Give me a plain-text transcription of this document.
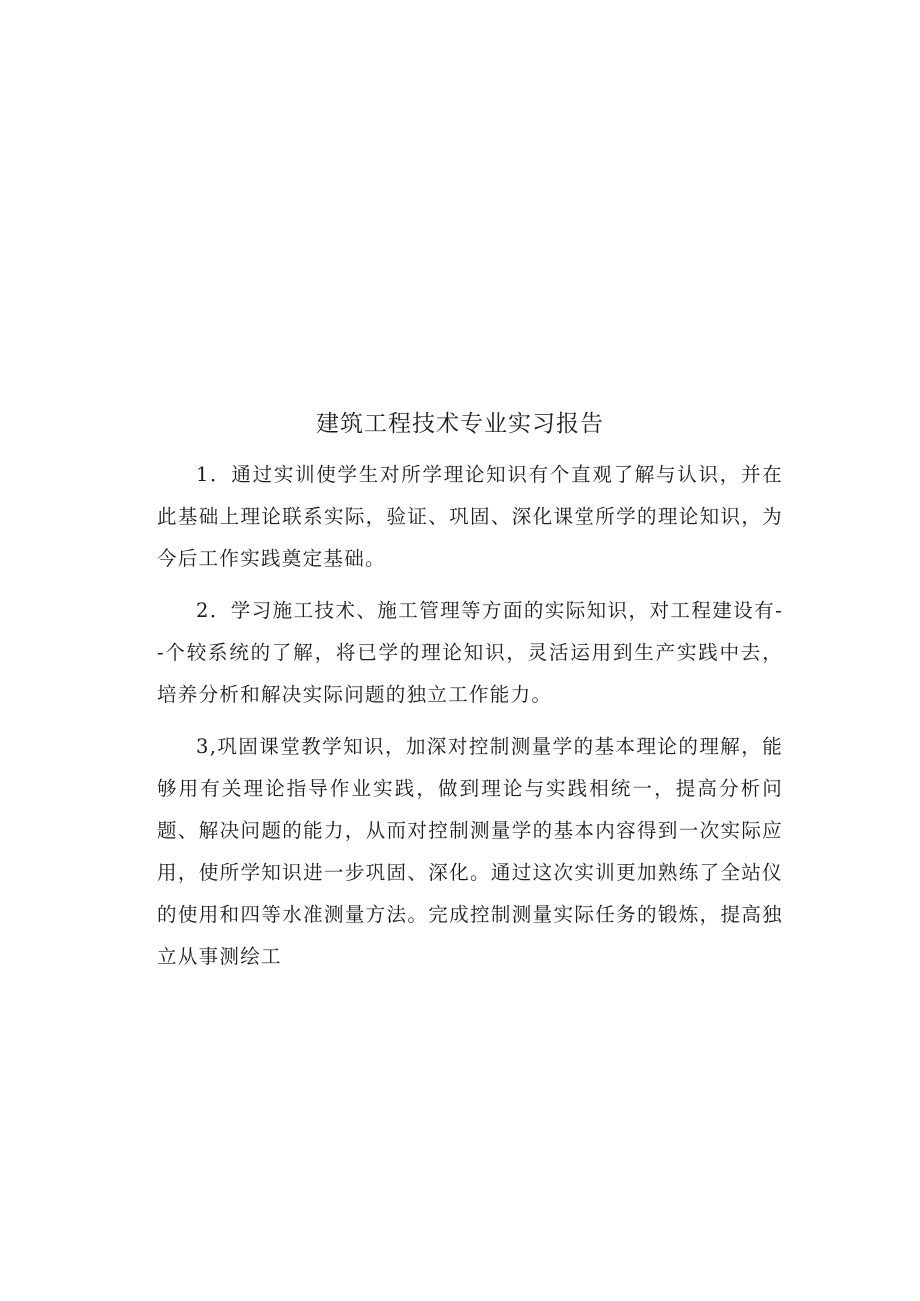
建筑工程技术专业实习报告

1．通过实训使学生对所学理论知识有个直观了解与认识，并在此基础上理论联系实际，验证、巩固、深化课堂所学的理论知识，为今后工作实践奠定基础。

2．学习施工技术、施工管理等方面的实际知识，对工程建设有--个较系统的了解，将已学的理论知识，灵活运用到生产实践中去，培养分析和解决实际问题的独立工作能力。

3,巩固课堂教学知识，加深对控制测量学的基本理论的理解，能够用有关理论指导作业实践，做到理论与实践相统一，提高分析问题、解决问题的能力，从而对控制测量学的基本内容得到一次实际应用，使所学知识进一步巩固、深化。通过这次实训更加熟练了全站仪的使用和四等水准测量方法。完成控制测量实际任务的锻炼，提高独立从事测绘工
